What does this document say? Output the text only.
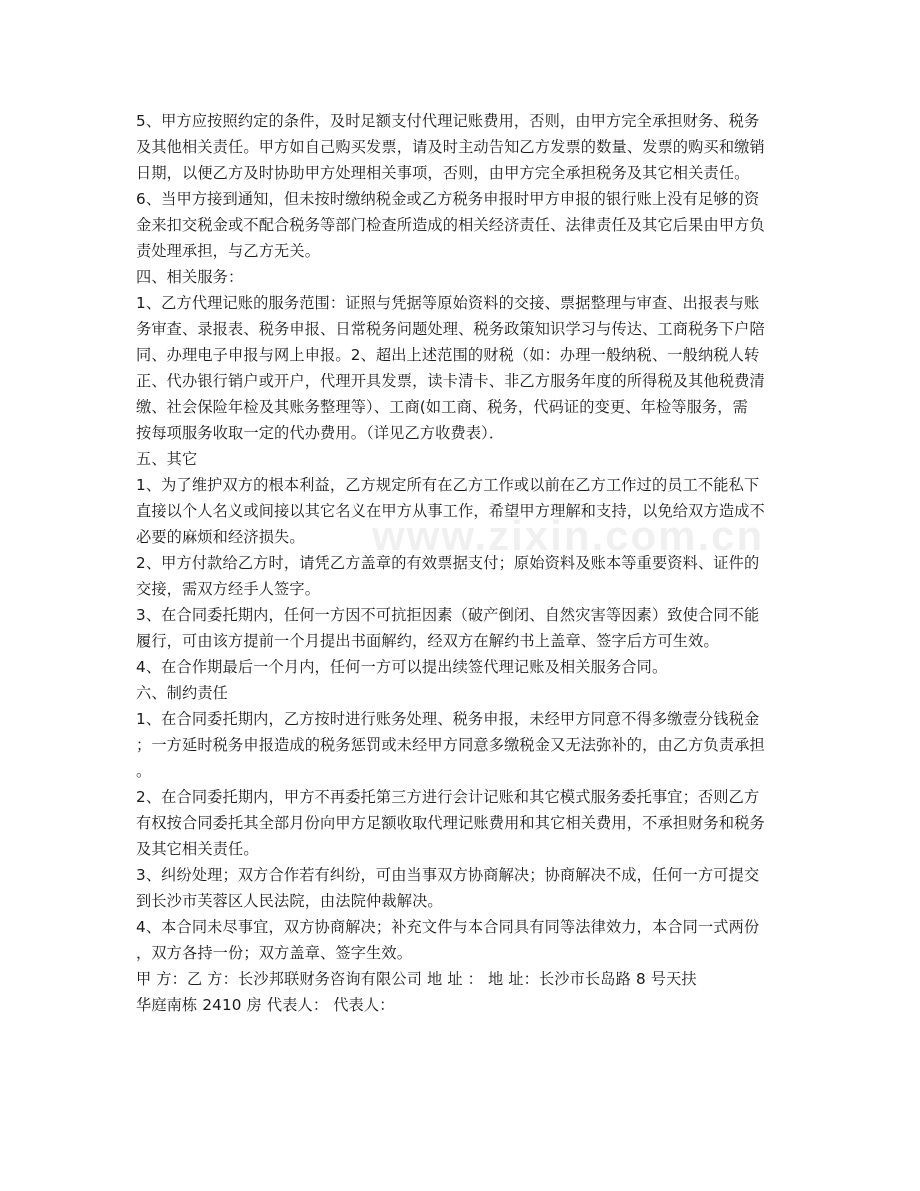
www.zixin.com.cn
5、甲方应按照约定的条件，及时足额支付代理记账费用，否则，由甲方完全承担财务、税务
及其他相关责任。甲方如自己购买发票，请及时主动告知乙方发票的数量、发票的购买和缴销
日期，以便乙方及时协助甲方处理相关事项，否则，由甲方完全承担税务及其它相关责任。
6、当甲方接到通知，但未按时缴纳税金或乙方税务申报时甲方申报的银行账上没有足够的资
金来扣交税金或不配合税务等部门检查所造成的相关经济责任、法律责任及其它后果由甲方负
责处理承担，与乙方无关。
四、相关服务：
1、乙方代理记账的服务范围：证照与凭据等原始资料的交接、票据整理与审查、出报表与账
务审查、录报表、税务申报、日常税务问题处理、税务政策知识学习与传达、工商税务下户陪
同、办理电子申报与网上申报。2、超出上述范围的财税（如：办理一般纳税、一般纳税人转
正、代办银行销户或开户，代理开具发票，读卡清卡、非乙方服务年度的所得税及其他税费清
缴、社会保险年检及其账务整理等）、工商(如工商、税务，代码证的变更、年检等服务，需
按每项服务收取一定的代办费用。（详见乙方收费表）．
五、其它
1、为了维护双方的根本利益，乙方规定所有在乙方工作或以前在乙方工作过的员工不能私下
直接以个人名义或间接以其它名义在甲方从事工作，希望甲方理解和支持，以免给双方造成不
必要的麻烦和经济损失。
2、甲方付款给乙方时，请凭乙方盖章的有效票据支付；原始资料及账本等重要资料、证件的
交接，需双方经手人签字。
3、在合同委托期内，任何一方因不可抗拒因素（破产倒闭、自然灾害等因素）致使合同不能
履行，可由该方提前一个月提出书面解约，经双方在解约书上盖章、签字后方可生效。
4、在合作期最后一个月内，任何一方可以提出续签代理记账及相关服务合同。
六、制约责任
1、在合同委托期内，乙方按时进行账务处理、税务申报，未经甲方同意不得多缴壹分钱税金
；一方延时税务申报造成的税务惩罚或未经甲方同意多缴税金又无法弥补的，由乙方负责承担
。
2、在合同委托期内，甲方不再委托第三方进行会计记账和其它模式服务委托事宜；否则乙方
有权按合同委托其全部月份向甲方足额收取代理记账费用和其它相关费用，不承担财务和税务
及其它相关责任。
3、纠纷处理；双方合作若有纠纷，可由当事双方协商解决；协商解决不成，任何一方可提交
到长沙市芙蓉区人民法院，由法院仲裁解决。
4、本合同未尽事宜，双方协商解决；补充文件与本合同具有同等法律效力，本合同一式两份
，双方各持一份；双方盖章、签字生效。
甲 方：乙 方：长沙邦联财务咨询有限公司 地 址 ： 地 址：长沙市长岛路 8 号天扶
华庭南栋 2410 房 代表人： 代表人：
